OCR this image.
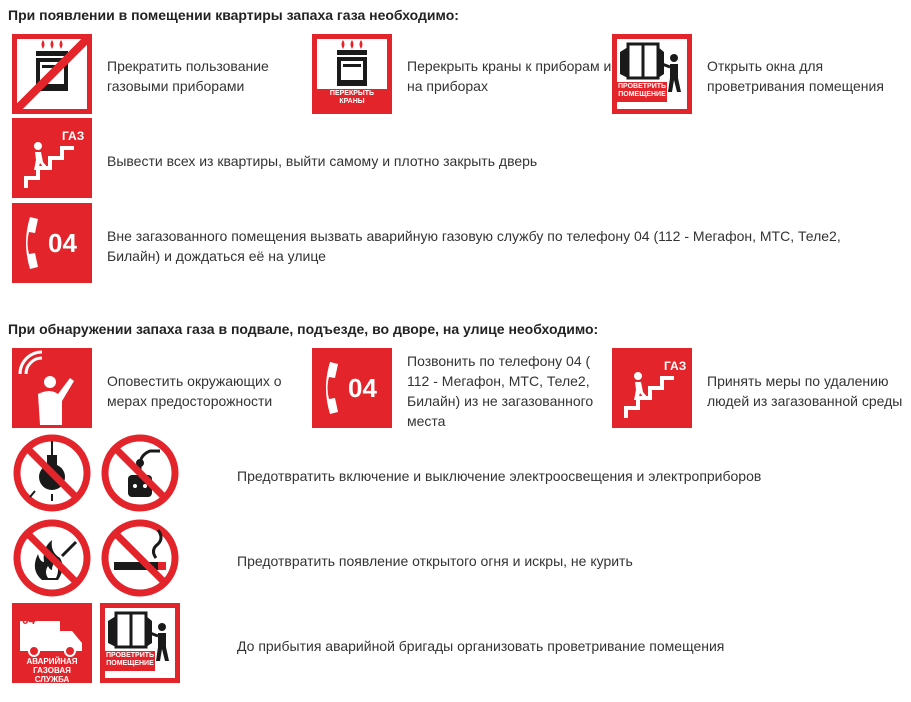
При появлении в помещении квартиры запаха газа необходимо:
Прекратить пользование газовыми приборами	ПЕРЕКРЫТЬ КРАНЫ
Перекрыть краны к приборам и на приборах	ПРОВЕТРИТЬ ПОМЕЩЕНИЕ
Открыть окна для проветривания помещения
ГАЗ
Вывести всех из квартиры, выйти самому и плотно закрыть дверь
04 Вне загазованного помещения вызвать аварийную газовую службу по телефону 04 (112 - Мегафон, МТС, Теле2, Билайн) и дождаться её на улице
При обнаружении запаха газа в подвале, подъезде, во дворе, на улице необходимо:
Оповестить окружающих о мерах предосторожности	04
Позвонить по телефону 04 ( 112 - Мегафон, МТС, Теле2, Билайн) из не загазованного места
ГАЗ
Принять меры по удалению людей из загазованной среды
Предотвратить включение и выключение электроосвещения и электроприборов
Предотвратить появление открытого огня и искры, не курить
04
АВАРИЙНАЯ
ГАЗОВАЯ
СЛУЖБА
ПРОВЕТРИТЬ ПОМЕЩЕНИЕ
До прибытия аварийной бригады организовать проветривание помещения
